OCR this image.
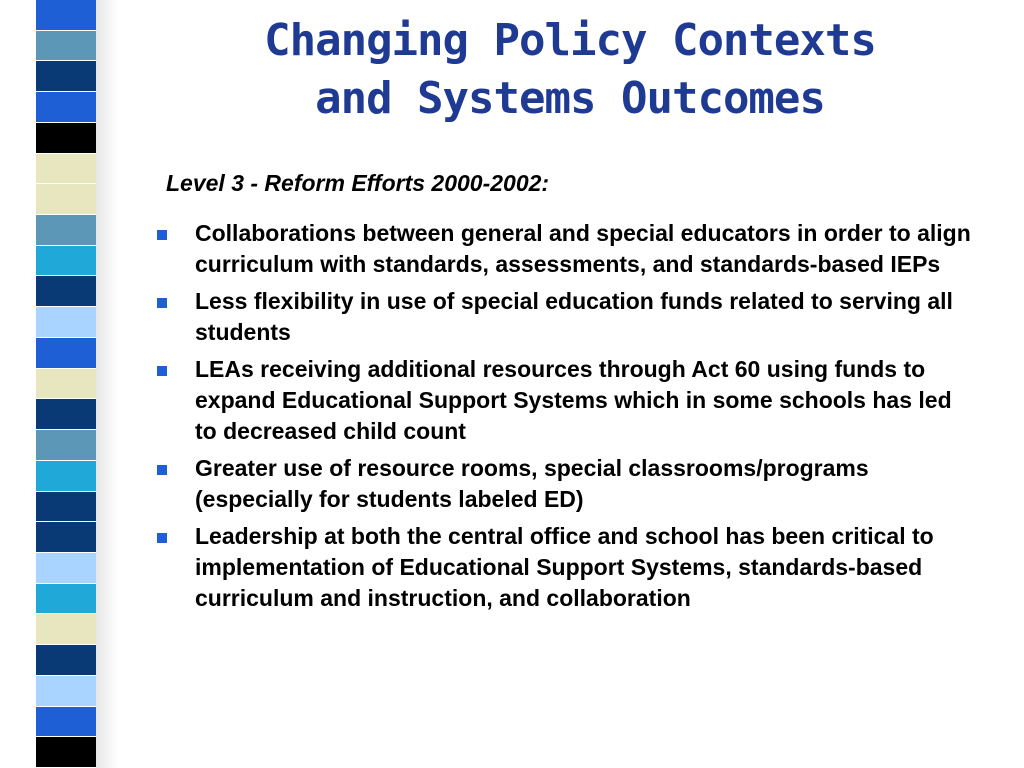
Changing Policy Contexts
and Systems Outcomes
Level 3 - Reform Efforts 2000-2002:
Collaborations between general and special educators in order to align curriculum with standards, assessments, and standards-based IEPs
Less flexibility in use of special education funds related to serving all students
LEAs receiving additional resources through Act 60 using funds to expand Educational Support Systems which in some schools has led to decreased child count
Greater use of resource rooms, special classrooms/programs (especially for students labeled ED)
Leadership at both the central office and school has been critical to implementation of Educational Support Systems, standards-based curriculum and instruction, and collaboration
